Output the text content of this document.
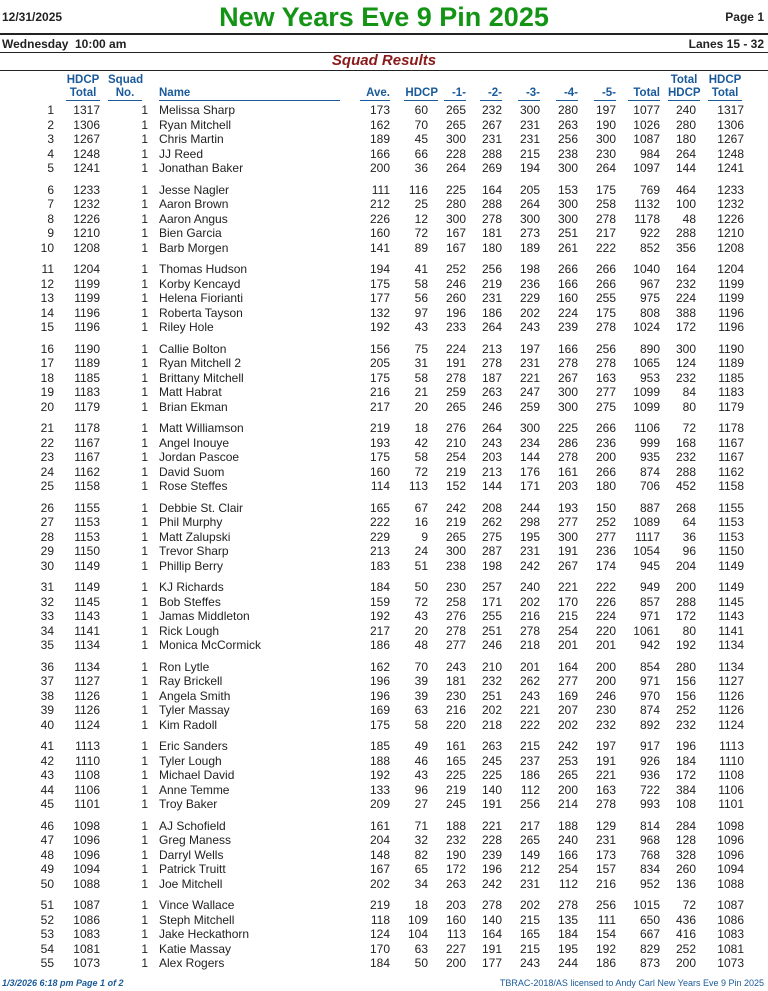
12/31/2025	New Years Eve 9 Pin 2025	Page 1
Wednesday 10:00 am	Lanes 15 - 32
Squad Results
HDCP
Total
Squad
No.	Name	Ave. HDCP	-1-	-2-	-3-	-4-	-5-	Total
Total
HDCP
HDCP
Total
1	1317	1 Melissa Sharp	173	60	265	232	300	280	197	1077	240	1317
2	1306	1 Ryan Mitchell	162	70	265	267	231	263	190	1026	280	1306
3	1267	1 Chris Martin	189	45	300	231	231	256	300	1087	180	1267
4	1248	1 JJ Reed	166	66	228	288	215	238	230	984	264	1248
5	1241	1 Jonathan Baker	200	36	264	269	194	300	264	1097	144	1241
6	1233	1 Jesse Nagler	111	116	225	164	205	153	175	769	464	1233
7	1232	1 Aaron Brown	212	25	280	288	264	300	258	1132	100	1232
8	1226	1 Aaron Angus	226	12	300	278	300	300	278	1178	48	1226
9	1210	1 Bien Garcia	160	72	167	181	273	251	217	922	288	1210
10	1208	1 Barb Morgen	141	89	167	180	189	261	222	852	356	1208
11	1204	1 Thomas Hudson	194	41	252	256	198	266	266	1040	164	1204
12	1199	1 Korby Kencayd	175	58	246	219	236	166	266	967	232	1199
13	1199	1 Helena Fiorianti	177	56	260	231	229	160	255	975	224	1199
14	1196	1 Roberta Tayson	132	97	196	186	202	224	175	808	388	1196
15	1196	1 Riley Hole	192	43	233	264	243	239	278	1024	172	1196
16	1190	1 Callie Bolton	156	75	224	213	197	166	256	890	300	1190
17	1189	1 Ryan Mitchell 2	205	31	191	278	231	278	278	1065	124	1189
18	1185	1 Brittany Mitchell	175	58	278	187	221	267	163	953	232	1185
19	1183	1 Matt Habrat	216	21	259	263	247	300	277	1099	84	1183
20	1179	1 Brian Ekman	217	20	265	246	259	300	275	1099	80	1179
21	1178	1 Matt Williamson	219	18	276	264	300	225	266	1106	72	1178
22	1167	1 Angel Inouye	193	42	210	243	234	286	236	999	168	1167
23	1167	1 Jordan Pascoe	175	58	254	203	144	278	200	935	232	1167
24	1162	1 David Suom	160	72	219	213	176	161	266	874	288	1162
25	1158	1 Rose Steffes	114	113	152	144	171	203	180	706	452	1158
26	1155	1 Debbie St. Clair	165	67	242	208	244	193	150	887	268	1155
27	1153	1 Phil Murphy	222	16	219	262	298	277	252	1089	64	1153
28	1153	1 Matt Zalupski	229	9	265	275	195	300	277	1117	36	1153
29	1150	1 Trevor Sharp	213	24	300	287	231	191	236	1054	96	1150
30	1149	1 Phillip Berry	183	51	238	198	242	267	174	945	204	1149
31	1149	1 KJ Richards	184	50	230	257	240	221	222	949	200	1149
32	1145	1 Bob Steffes	159	72	258	171	202	170	226	857	288	1145
33	1143	1 Jamas Middleton	192	43	276	255	216	215	224	971	172	1143
34	1141	1 Rick Lough	217	20	278	251	278	254	220	1061	80	1141
35	1134	1 Monica McCormick	186	48	277	246	218	201	201	942	192	1134
36	1134	1 Ron Lytle	162	70	243	210	201	164	200	854	280	1134
37	1127	1 Ray Brickell	196	39	181	232	262	277	200	971	156	1127
38	1126	1 Angela Smith	196	39	230	251	243	169	246	970	156	1126
39	1126	1 Tyler Massay	169	63	216	202	221	207	230	874	252	1126
40	1124	1 Kim Radoll	175	58	220	218	222	202	232	892	232	1124
41	1113	1 Eric Sanders	185	49	161	263	215	242	197	917	196	1113
42	1110	1 Tyler Lough	188	46	165	245	237	253	191	926	184	1110
43	1108	1 Michael David	192	43	225	225	186	265	221	936	172	1108
44	1106	1 Anne Temme	133	96	219	140	112	200	163	722	384	1106
45	1101	1 Troy Baker	209	27	245	191	256	214	278	993	108	1101
46	1098	1 AJ Schofield	161	71	188	221	217	188	129	814	284	1098
47	1096	1 Greg Maness	204	32	232	228	265	240	231	968	128	1096
48	1096	1 Darryl Wells	148	82	190	239	149	166	173	768	328	1096
49	1094	1 Patrick Truitt	167	65	172	196	212	254	157	834	260	1094
50	1088	1 Joe Mitchell	202	34	263	242	231	112	216	952	136	1088
51	1087	1 Vince Wallace	219	18	203	278	202	278	256	1015	72	1087
52	1086	1 Steph Mitchell	118	109	160	140	215	135	111	650	436	1086
53	1083	1 Jake Heckathorn	124	104	113	164	165	184	154	667	416	1083
54	1081	1 Katie Massay	170	63	227	191	215	195	192	829	252	1081
55	1073	1 Alex Rogers	184	50	200	177	243	244	186	873	200	1073
1/3/2026 6:18 pm Page 1 of 2	TBRAC-2018/AS licensed to Andy Carl New Years Eve 9 Pin 2025
